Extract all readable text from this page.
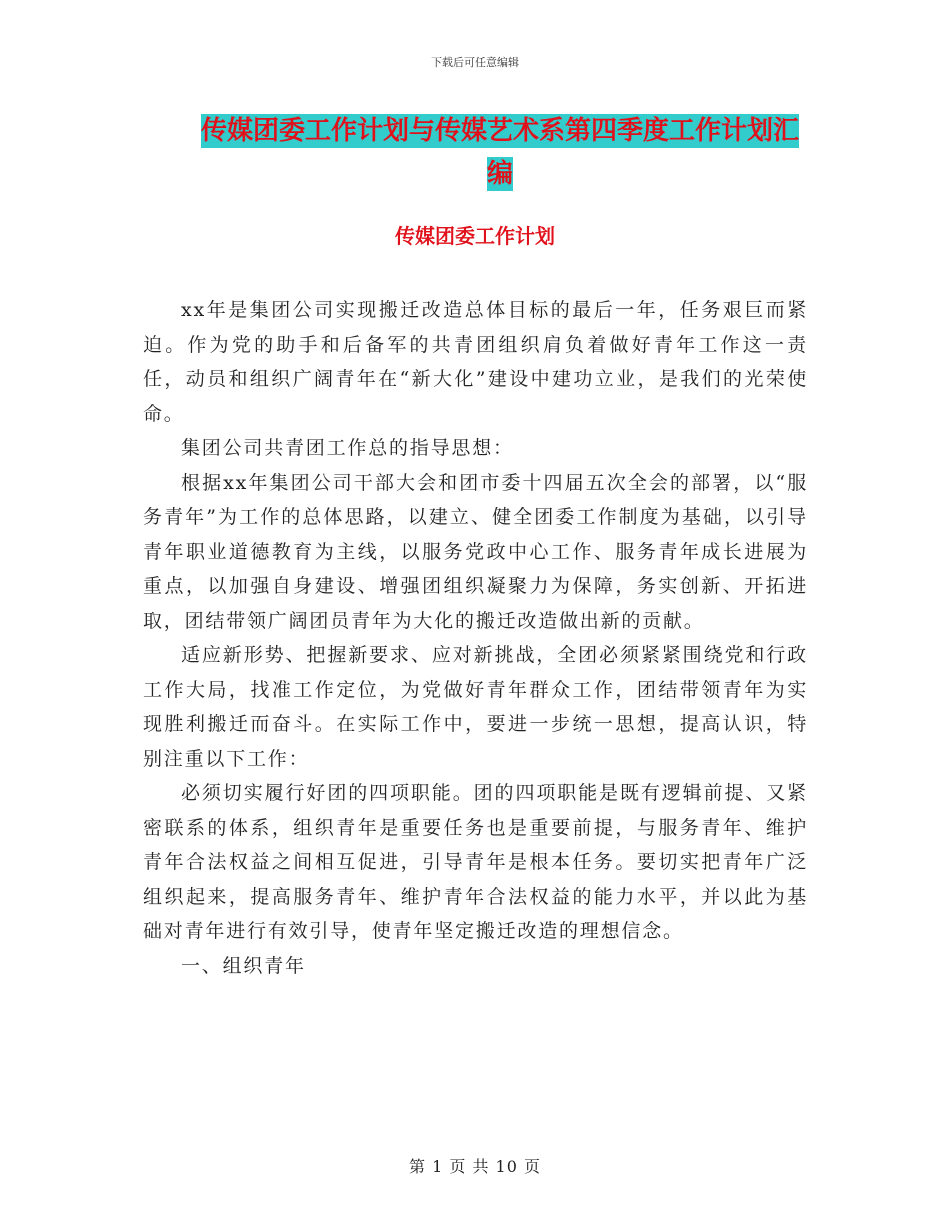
下载后可任意编辑
传媒团委工作计划与传媒艺术系第四季度工作计划汇编
传媒团委工作计划

xx年是集团公司实现搬迁改造总体目标的最后一年，任务艰巨而紧迫。作为党的助手和后备军的共青团组织肩负着做好青年工作这一责任，动员和组织广阔青年在“新大化”建设中建功立业，是我们的光荣使命。

集团公司共青团工作总的指导思想：

根据xx年集团公司干部大会和团市委十四届五次全会的部署，以“服务青年”为工作的总体思路，以建立、健全团委工作制度为基础，以引导青年职业道德教育为主线，以服务党政中心工作、服务青年成长进展为重点，以加强自身建设、增强团组织凝聚力为保障，务实创新、开拓进取，团结带领广阔团员青年为大化的搬迁改造做出新的贡献。

适应新形势、把握新要求、应对新挑战，全团必须紧紧围绕党和行政工作大局，找准工作定位，为党做好青年群众工作，团结带领青年为实现胜利搬迁而奋斗。在实际工作中，要进一步统一思想，提高认识，特别注重以下工作：

必须切实履行好团的四项职能。团的四项职能是既有逻辑前提、又紧密联系的体系，组织青年是重要任务也是重要前提，与服务青年、维护青年合法权益之间相互促进，引导青年是根本任务。要切实把青年广泛组织起来，提高服务青年、维护青年合法权益的能力水平，并以此为基础对青年进行有效引导，使青年坚定搬迁改造的理想信念。

一、组织青年

第 1 页 共 10 页
